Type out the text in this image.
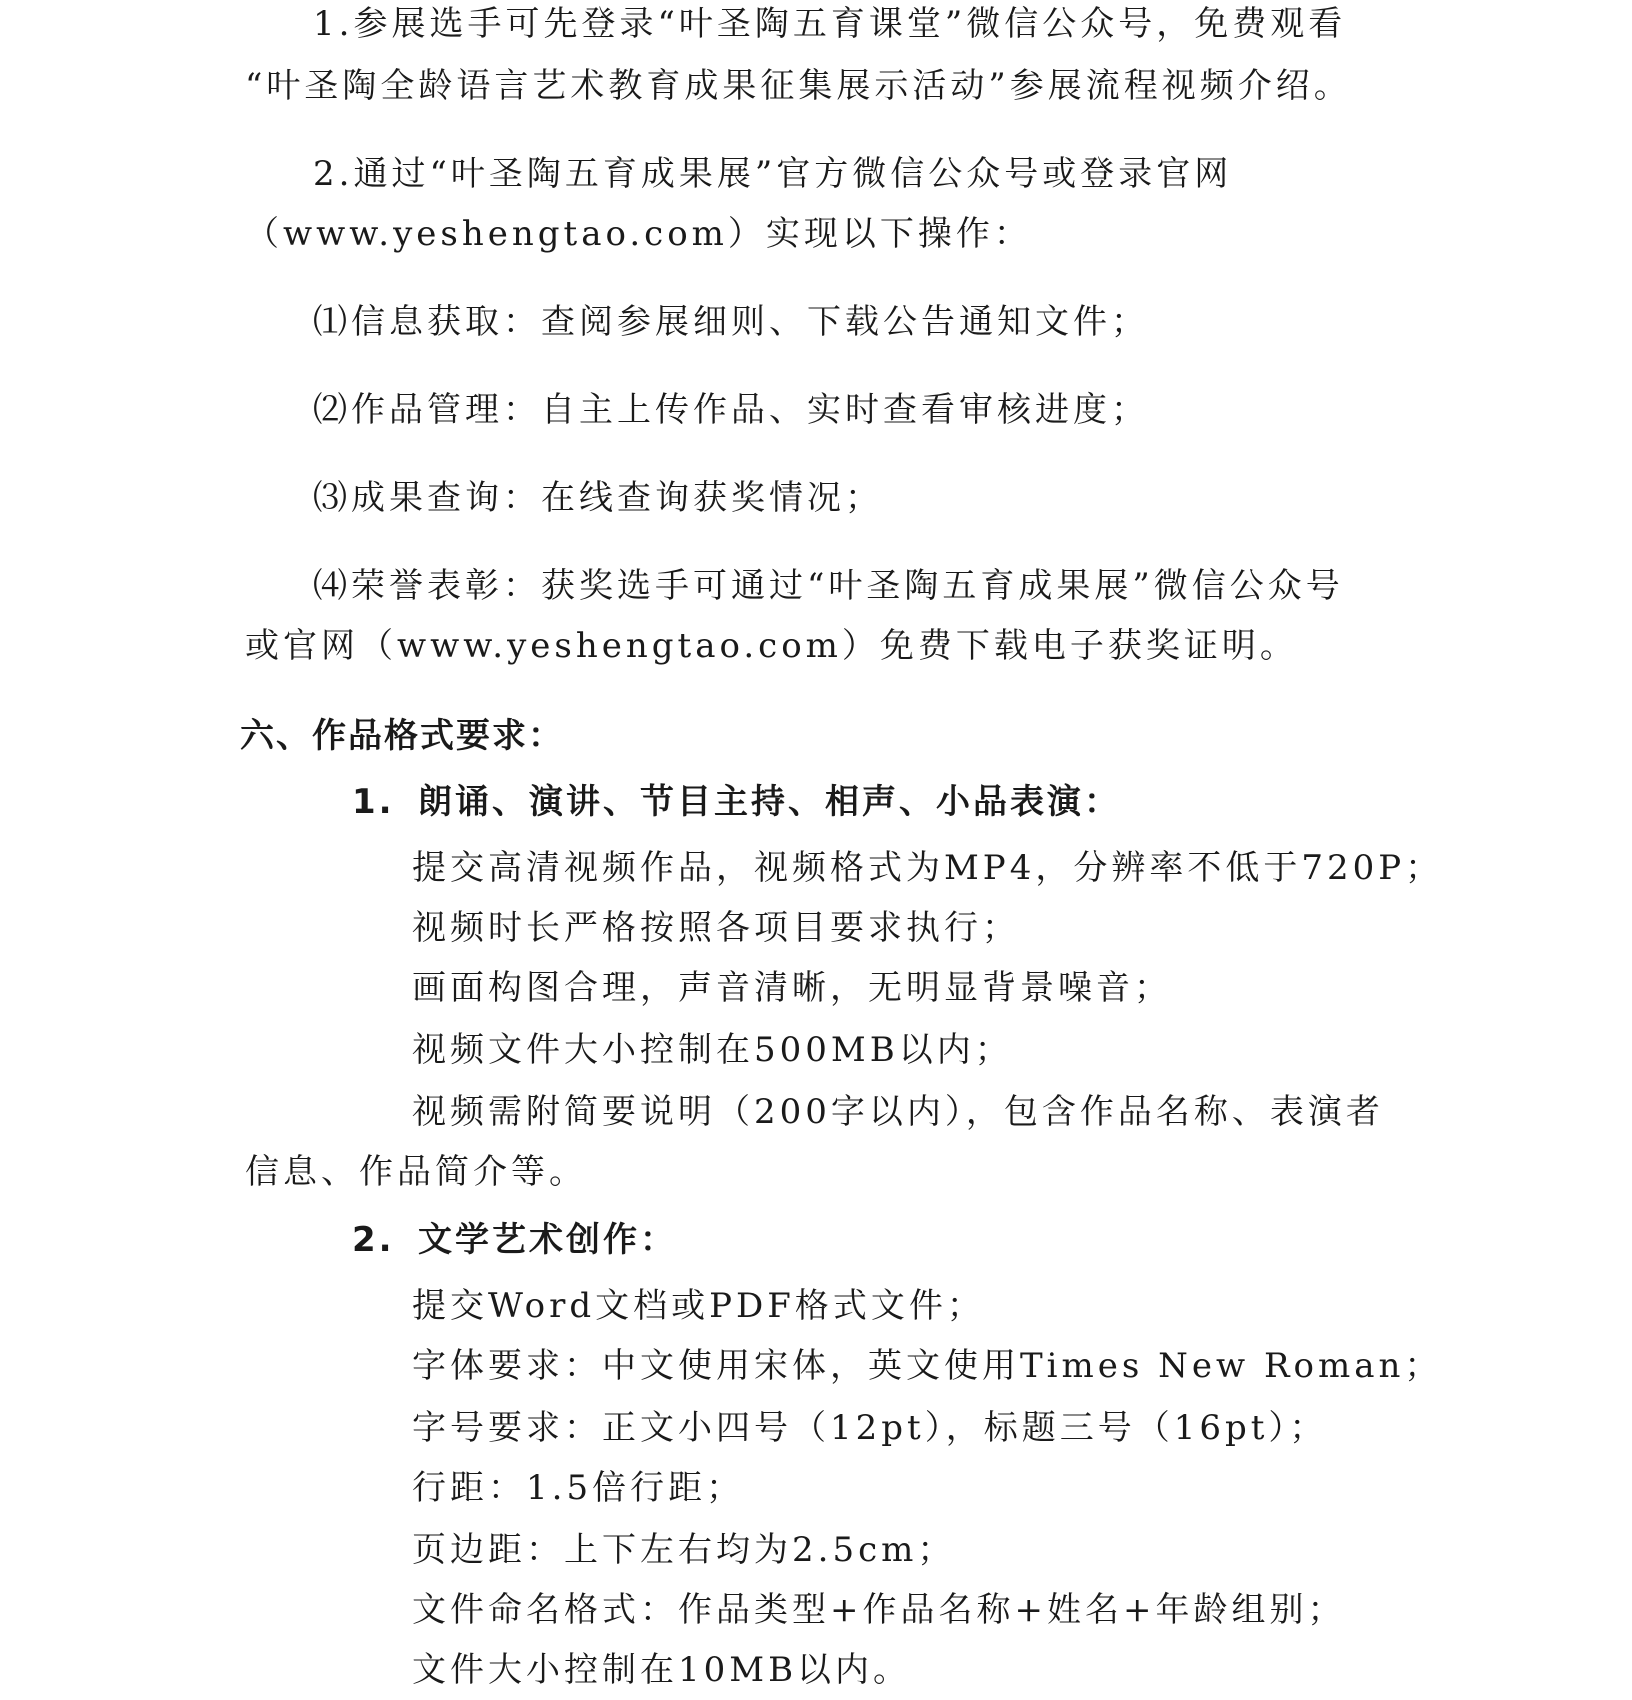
1.参展选手可先登录“叶圣陶五育课堂”微信公众号，免费观看
“叶圣陶全龄语言艺术教育成果征集展示活动”参展流程视频介绍。
2.通过“叶圣陶五育成果展”官方微信公众号或登录官网
（www.yeshengtao.com）实现以下操作：
⑴信息获取：查阅参展细则、下载公告通知文件；
⑵作品管理：自主上传作品、实时查看审核进度；
⑶成果查询：在线查询获奖情况；
⑷荣誉表彰：获奖选手可通过“叶圣陶五育成果展”微信公众号
或官网（www.yeshengtao.com）免费下载电子获奖证明。
六、作品格式要求：
1. 朗诵、演讲、节目主持、相声、小品表演：
提交高清视频作品，视频格式为MP4，分辨率不低于720P；
视频时长严格按照各项目要求执行；
画面构图合理，声音清晰，无明显背景噪音；
视频文件大小控制在500MB以内；
视频需附简要说明（200字以内），包含作品名称、表演者
信息、作品简介等。
2. 文学艺术创作：
提交Word文档或PDF格式文件；
字体要求：中文使用宋体，英文使用Times New Roman；
字号要求：正文小四号（12pt），标题三号（16pt）；
行距：1.5倍行距；
页边距：上下左右均为2.5cm；
文件命名格式：作品类型+作品名称+姓名+年龄组别；
文件大小控制在10MB以内。
